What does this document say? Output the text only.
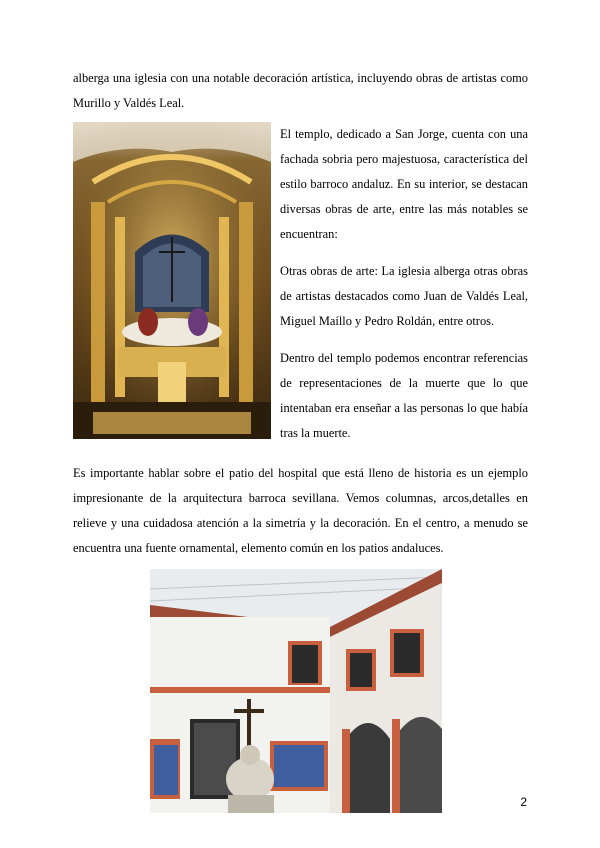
alberga una iglesia con una notable decoración artística, incluyendo obras de artistas como Murillo y Valdés Leal.

El templo, dedicado a San Jorge, cuenta con una fachada sobria pero majestuosa, característica del estilo barroco andaluz. En su interior, se destacan diversas obras de arte, entre las más notables se encuentran:

Otras obras de arte: La iglesia alberga otras obras de artistas destacados como Juan de Valdés Leal, Miguel Maíllo y Pedro Roldán, entre otros.

Dentro del templo podemos encontrar referencias de representaciones de la muerte que lo que intentaban era enseñar a las personas lo que había tras la muerte.

Es importante hablar sobre el patio del hospital que está lleno de historia es un ejemplo impresionante de la arquitectura barroca sevillana. Vemos columnas, arcos,detalles en relieve y una cuidadosa atención a la simetría y la decoración. En el centro, a menudo se encuentra una fuente ornamental, elemento común en los patios andaluces.

2
